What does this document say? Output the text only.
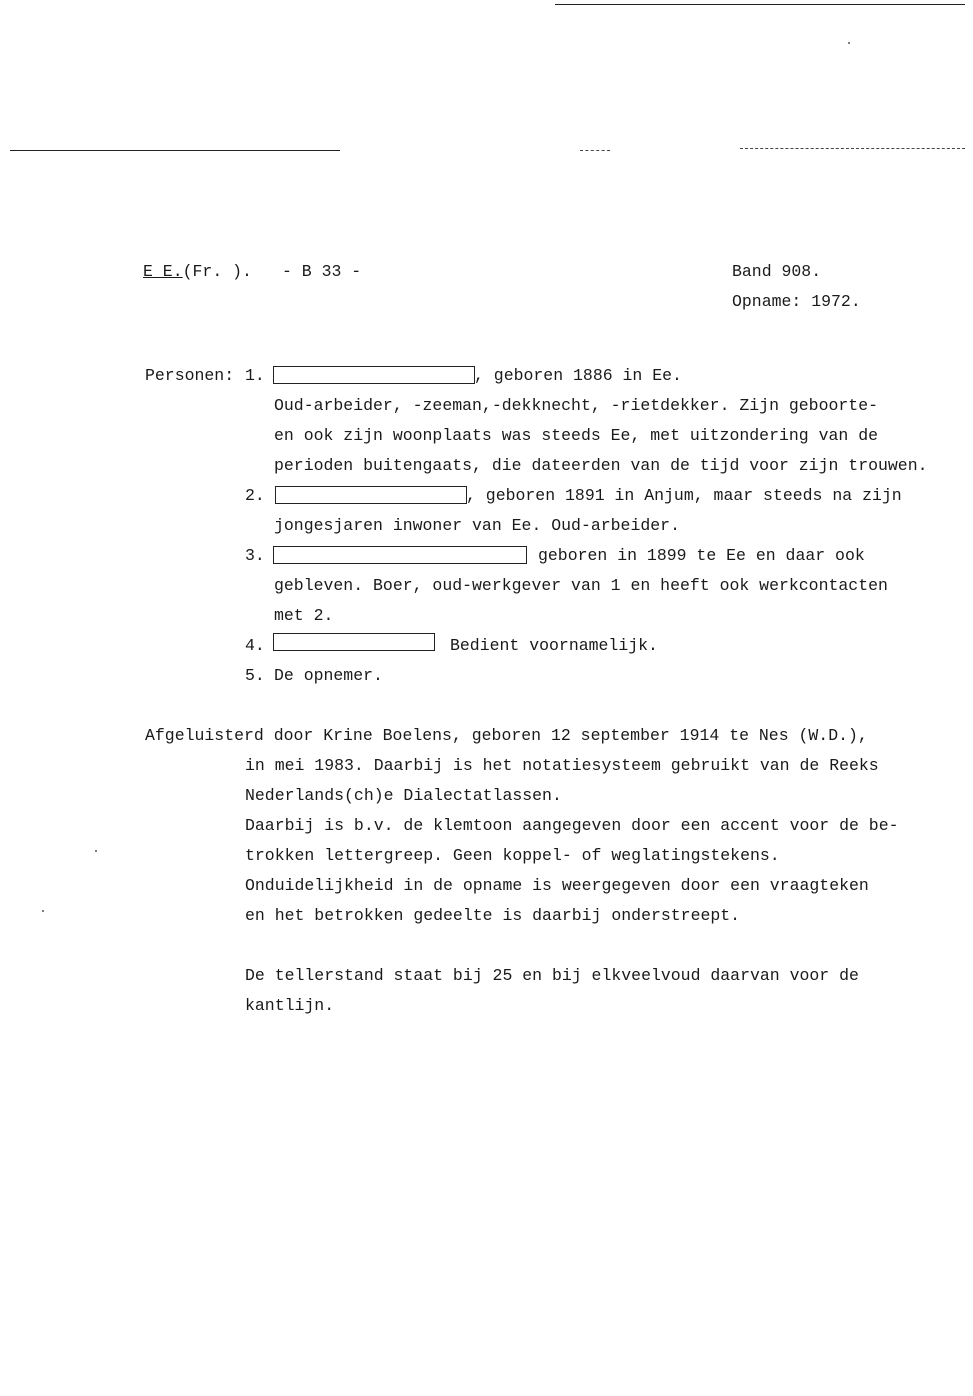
E E.(Fr. ). - B 33 -	Band 908.
Opname: 1972.
Personen: 1.	, geboren 1886 in Ee.
Oud-arbeider, -zeeman,-dekknecht, -rietdekker. Zijn geboorte-
en ook zijn woonplaats was steeds Ee, met uitzondering van de
perioden buitengaats, die dateerden van de tijd voor zijn trouwen.
2.	, geboren 1891 in Anjum, maar steeds na zijn
jongesjaren inwoner van Ee. Oud-arbeider.
3.	geboren in 1899 te Ee en daar ook
gebleven. Boer, oud-werkgever van 1 en heeft ook werkcontacten
met 2.
4.	Bedient voornamelijk.
5. De opnemer.
Afgeluisterd door Krine Boelens, geboren 12 september 1914 te Nes (W.D.),
in mei 1983. Daarbij is het notatiesysteem gebruikt van de Reeks
Nederlands(ch)e Dialectatlassen.
Daarbij is b.v. de klemtoon aangegeven door een accent voor de be-
trokken lettergreep. Geen koppel- of weglatingstekens.
Onduidelijkheid in de opname is weergegeven door een vraagteken
en het betrokken gedeelte is daarbij onderstreept.
De tellerstand staat bij 25 en bij elkveelvoud daarvan voor de
kantlijn.
